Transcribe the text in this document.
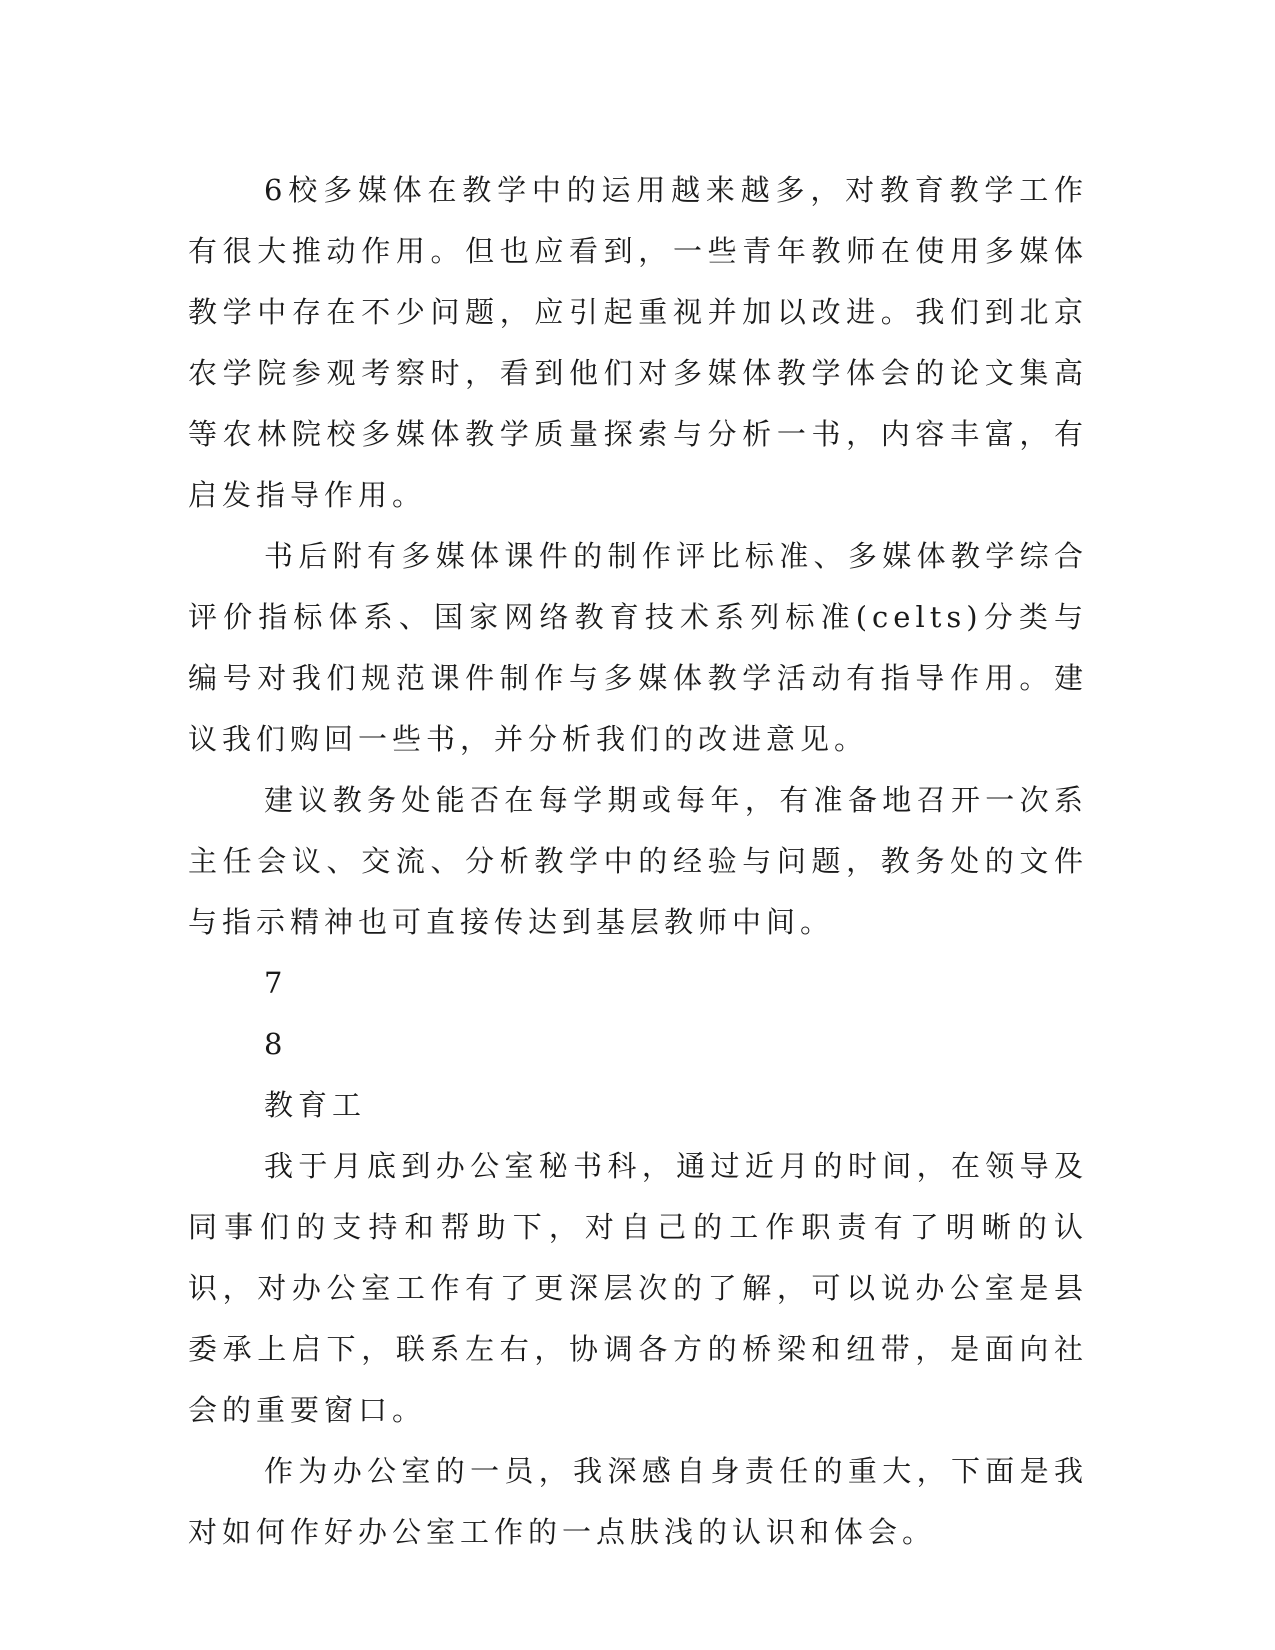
6校多媒体在教学中的运用越来越多，对教育教学工作有很大推动作用。但也应看到，一些青年教师在使用多媒体教学中存在不少问题，应引起重视并加以改进。我们到北京农学院参观考察时，看到他们对多媒体教学体会的论文集高等农林院校多媒体教学质量探索与分析一书，内容丰富，有启发指导作用。

书后附有多媒体课件的制作评比标准、多媒体教学综合评价指标体系、国家网络教育技术系列标准(celts)分类与编号对我们规范课件制作与多媒体教学活动有指导作用。建议我们购回一些书，并分析我们的改进意见。

建议教务处能否在每学期或每年，有准备地召开一次系主任会议、交流、分析教学中的经验与问题，教务处的文件与指示精神也可直接传达到基层教师中间。

7

8

教育工

我于月底到办公室秘书科，通过近月的时间，在领导及同事们的支持和帮助下，对自己的工作职责有了明晰的认识，对办公室工作有了更深层次的了解，可以说办公室是县委承上启下，联系左右，协调各方的桥梁和纽带，是面向社会的重要窗口。

作为办公室的一员，我深感自身责任的重大，下面是我对如何作好办公室工作的一点肤浅的认识和体会。
